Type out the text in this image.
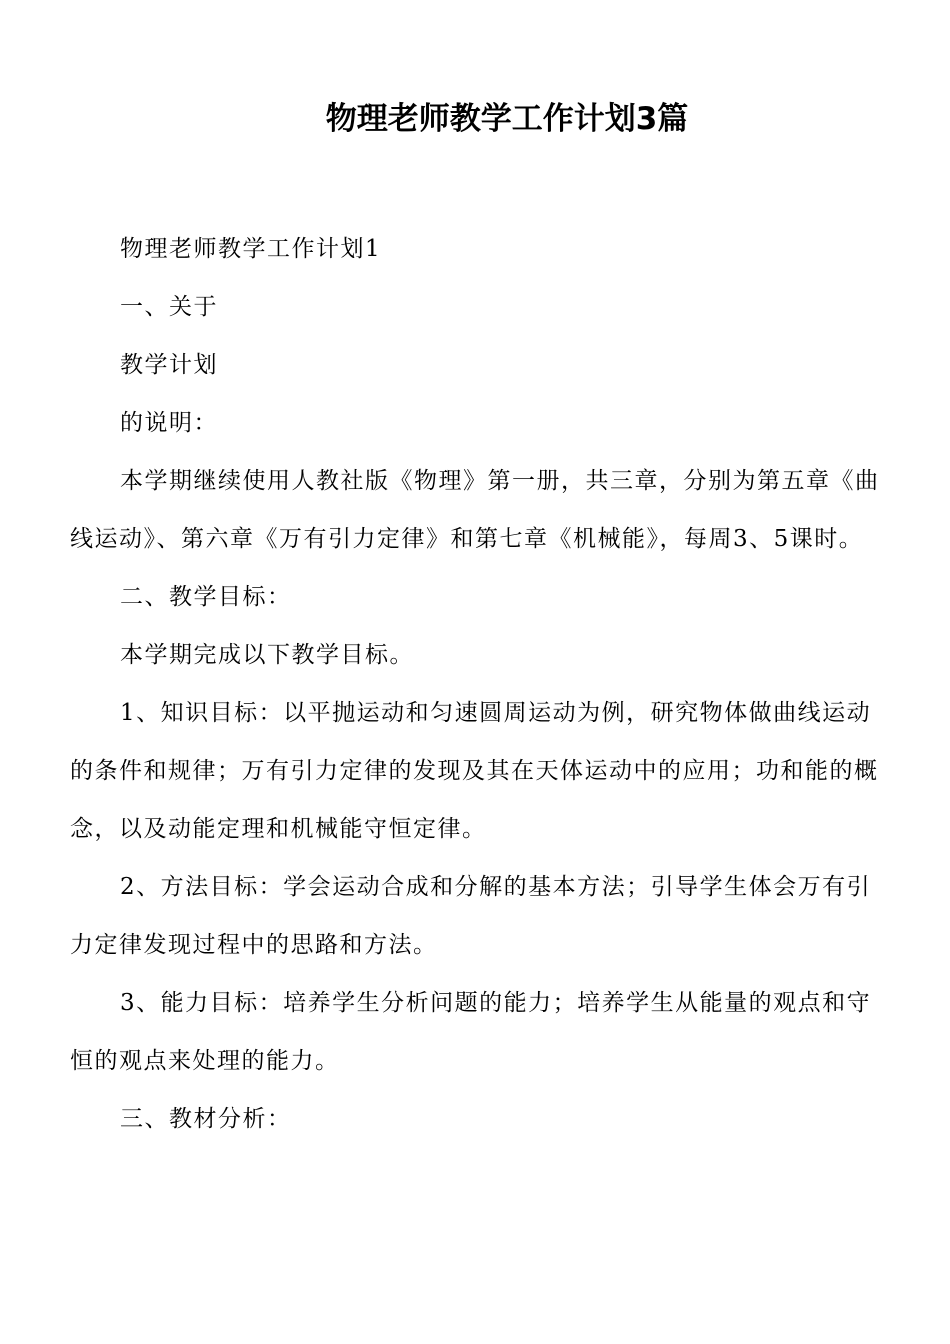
物理老师教学工作计划3篇

物理老师教学工作计划1

一、关于

教学计划

的说明：

本学期继续使用人教社版《物理》第一册，共三章，分别为第五章《曲线运动》、第六章《万有引力定律》和第七章《机械能》，每周3、5课时。

二、教学目标：

本学期完成以下教学目标。

1、知识目标：以平抛运动和匀速圆周运动为例，研究物体做曲线运动的条件和规律；万有引力定律的发现及其在天体运动中的应用；功和能的概念，以及动能定理和机械能守恒定律。

2、方法目标：学会运动合成和分解的基本方法；引导学生体会万有引力定律发现过程中的思路和方法。

3、能力目标：培养学生分析问题的能力；培养学生从能量的观点和守恒的观点来处理的能力。

三、教材分析：
